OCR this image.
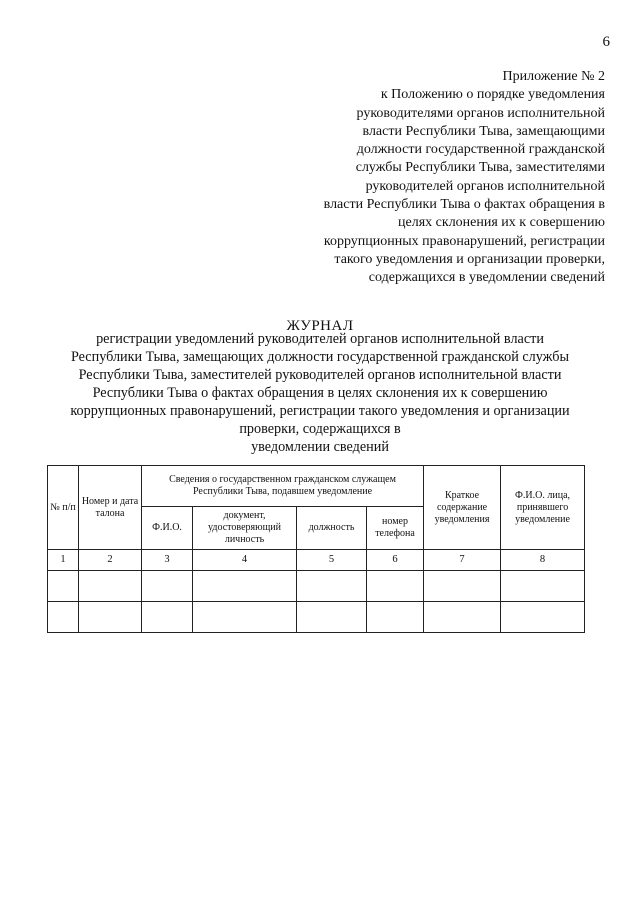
6
Приложение № 2
к Положению о порядке уведомления
руководителями органов исполнительной
власти Республики Тыва, замещающими
должности государственной гражданской
службы Республики Тыва, заместителями
руководителей органов исполнительной
власти Республики Тыва о фактах обращения в
целях склонения их к совершению
коррупционных правонарушений, регистрации
такого уведомления и организации проверки,
содержащихся в уведомлении сведений
ЖУРНАЛ
регистрации уведомлений руководителей органов исполнительной власти
Республики Тыва, замещающих должности государственной гражданской службы
Республики Тыва, заместителей руководителей органов исполнительной власти
Республики Тыва о фактах обращения в целях склонения их к совершению
коррупционных правонарушений, регистрации такого уведомления и организации
проверки, содержащихся в
уведомлении сведений
№ п/п	Номер и дата талона	Сведения о государственном гражданском служащем Республики Тыва, подавшем уведомление				Краткое содержание уведомления	Ф.И.О. лица, принявшего уведомление
		Ф.И.О.	документ, удостоверяющий личность	должность	номер телефона		
1	2	3	4	5	6	7	8
